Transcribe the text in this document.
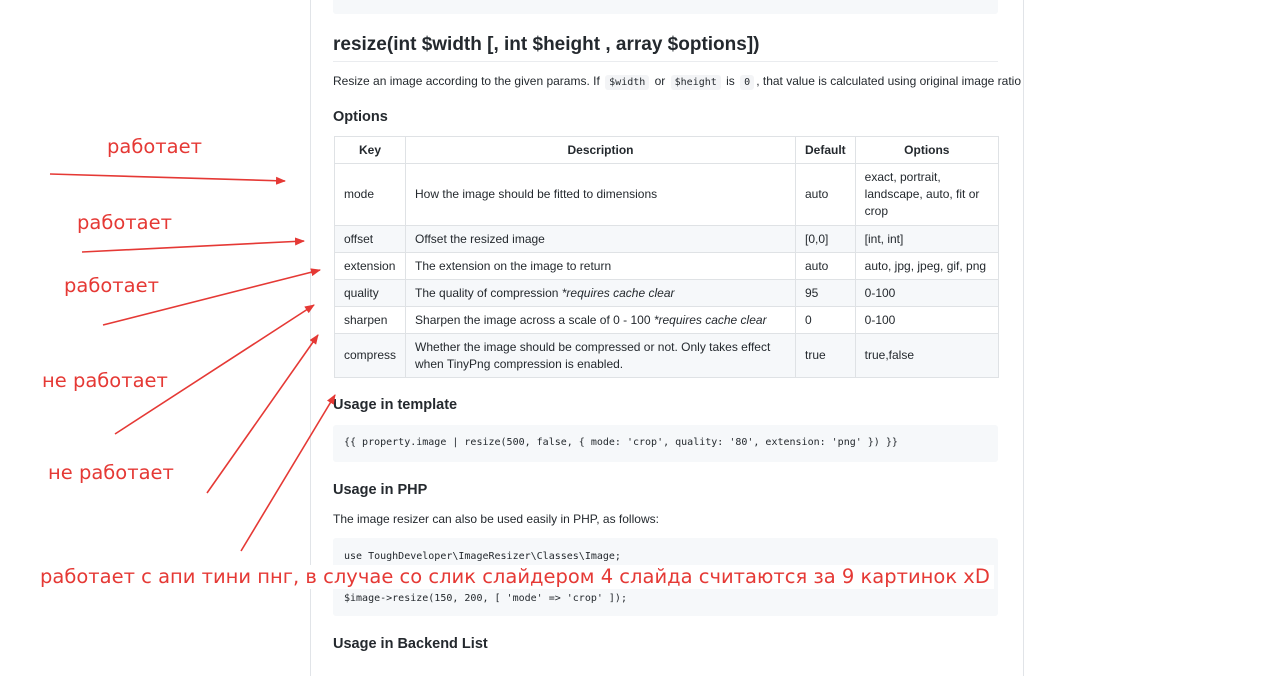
resize(int $width [, int $height , array $options])

Resize an image according to the given params. If $width or $height is 0 , that value is calculated using original image ratio

Options
Key	Description	Default	Options
mode	How the image should be fitted to dimensions	auto	exact, portrait, landscape, auto, fit or crop
offset	Offset the resized image	[0,0]	[int, int]
extension	The extension on the image to return	auto	auto, jpg, jpeg, gif, png
quality	The quality of compression *requires cache clear	95	0-100
sharpen	Sharpen the image across a scale of 0 - 100 *requires cache clear	0	0-100
compress	Whether the image should be compressed or not. Only takes effect when TinyPng compression is enabled.	true	true,false
Usage in template

{{ property.image | resize(500, false, { mode: 'crop', quality: '80', extension: 'png' }) }}

Usage in PHP

The image resizer can also be used easily in PHP, as follows:

use ToughDeveloper\ImageResizer\Classes\Image;

$image->resize(150, 200, [ 'mode' => 'crop' ]);

Usage in Backend List
работает
работает
работает
не работает
не работает
работает с апи тини пнг, в случае со слик слайдером 4 слайда считаются за 9 картинок xD
